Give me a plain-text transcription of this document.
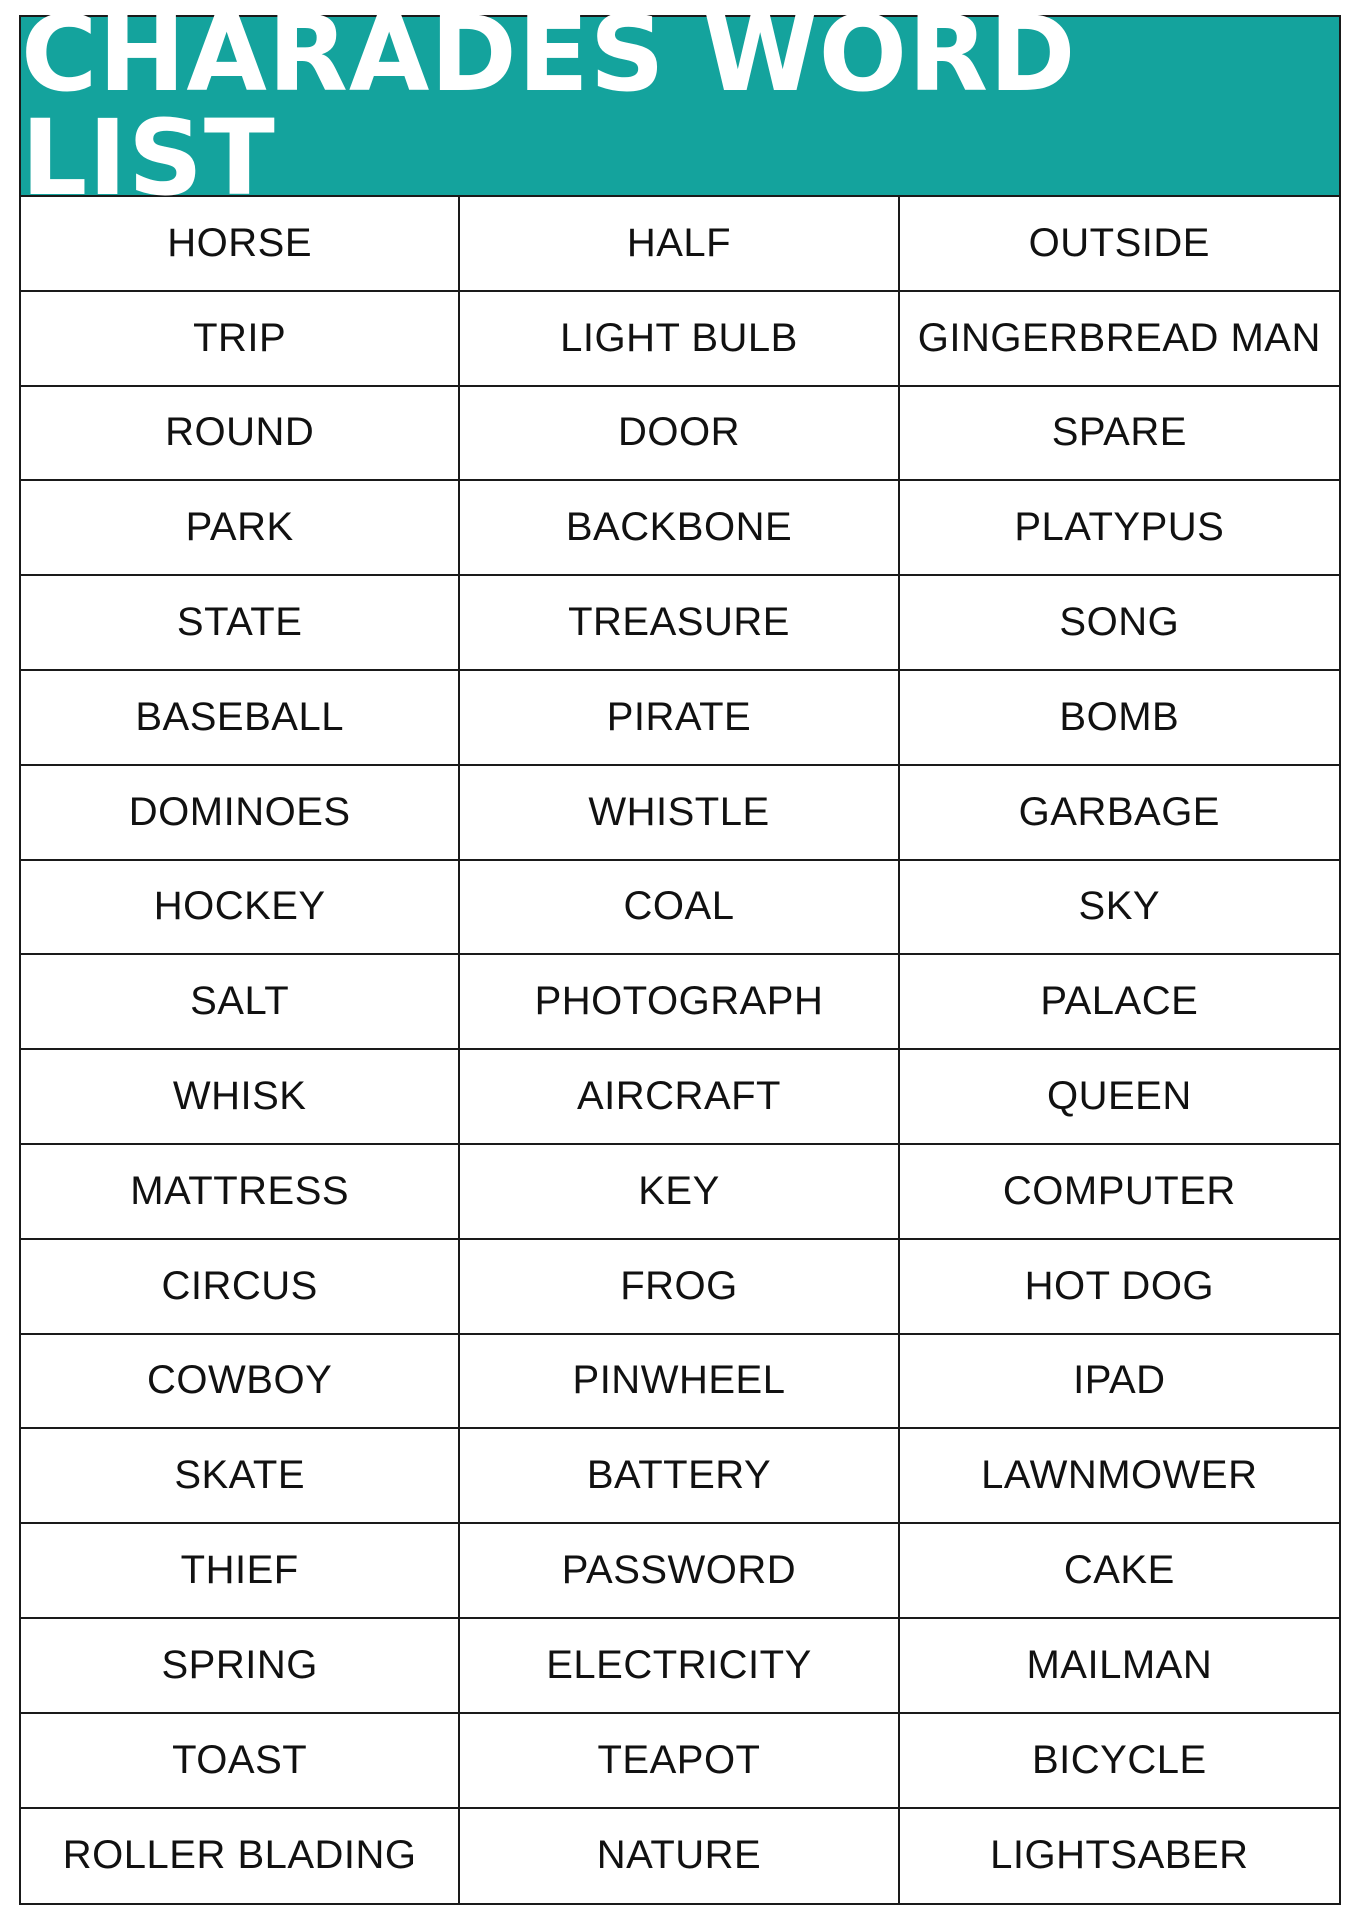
CHARADES WORD LIST
HORSE	HALF	OUTSIDE
TRIP	LIGHT BULB	GINGERBREAD MAN
ROUND	DOOR	SPARE
PARK	BACKBONE	PLATYPUS
STATE	TREASURE	SONG
BASEBALL	PIRATE	BOMB
DOMINOES	WHISTLE	GARBAGE
HOCKEY	COAL	SKY
SALT	PHOTOGRAPH	PALACE
WHISK	AIRCRAFT	QUEEN
MATTRESS	KEY	COMPUTER
CIRCUS	FROG	HOT DOG
COWBOY	PINWHEEL	IPAD
SKATE	BATTERY	LAWNMOWER
THIEF	PASSWORD	CAKE
SPRING	ELECTRICITY	MAILMAN
TOAST	TEAPOT	BICYCLE
ROLLER BLADING	NATURE	LIGHTSABER
